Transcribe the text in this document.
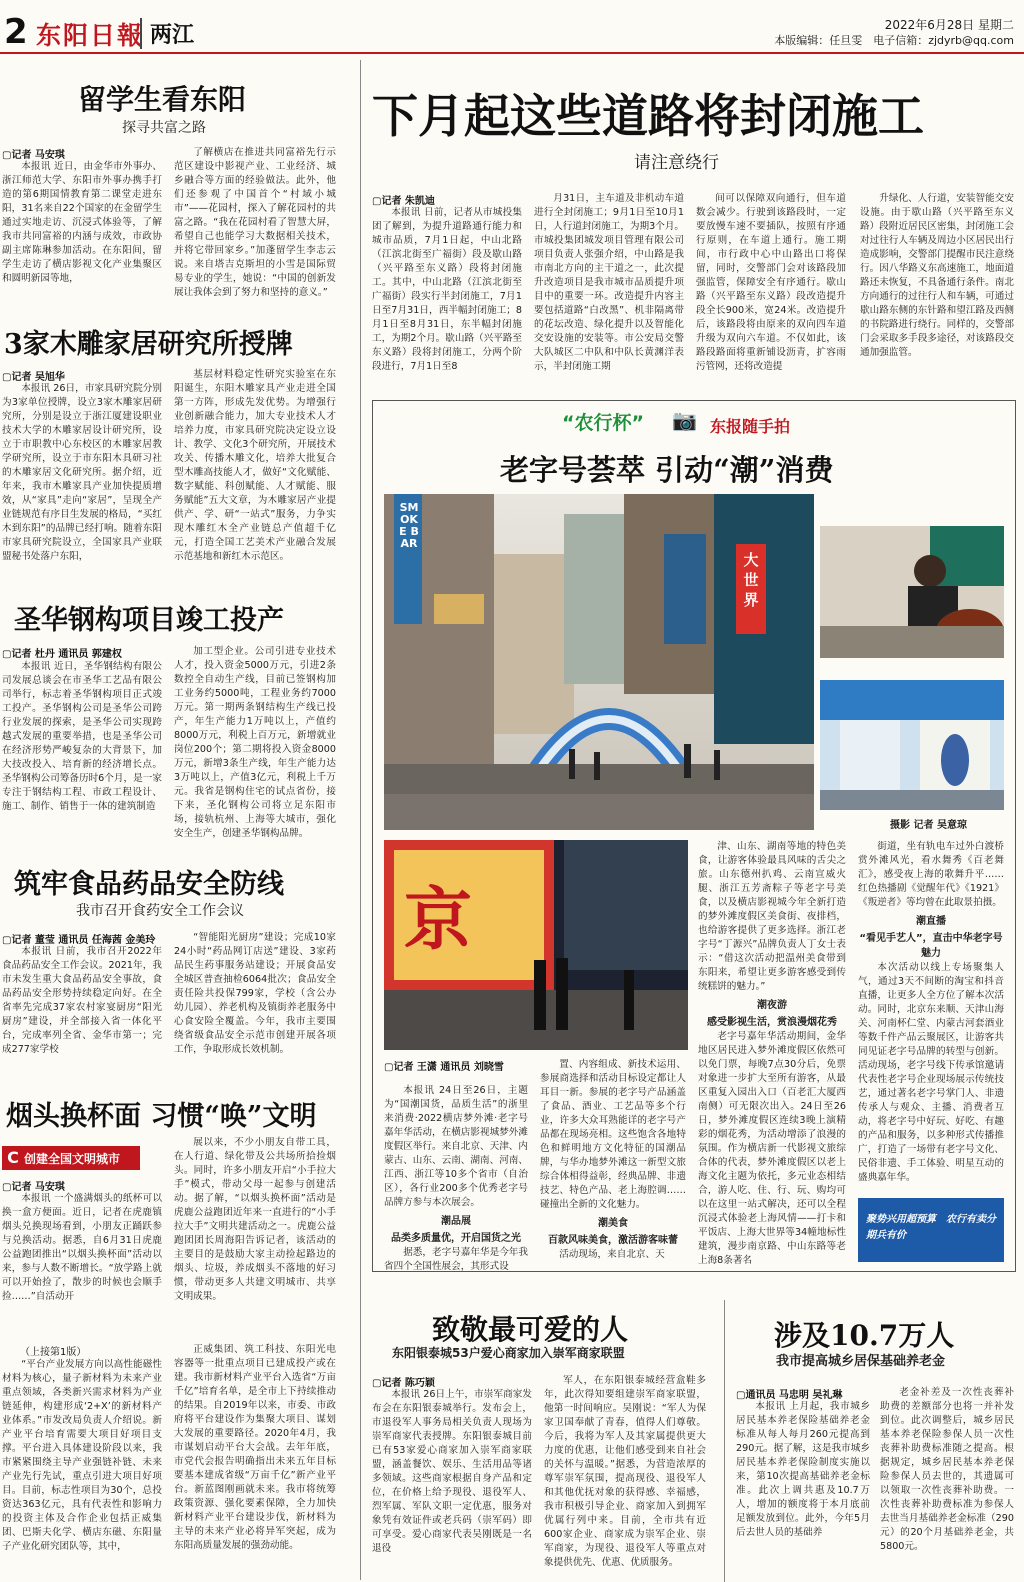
2 东阳日報 两江	2022年6月28日 星期二
本版编辑：任旦雯　电子信箱：zjdyrb@qq.com
留学生看东阳
探寻共富之路
▢记者 马安琪

本报讯 近日，由金华市外事办、浙江师范大学、东阳市外事办携手打造的第6期国情教育第二课堂走进东阳，31名来自22个国家的在金留学生通过实地走访、沉浸式体验等，了解我市共同富裕的内涵与成效，市政协副主席陈琳参加活动。在东阳间，留学生走访了横店影视文化产业集聚区和圆明新园等地，

了解横店在推进共同富裕先行示范区建设中影视产业、工业经济、城乡融合等方面的经验做法。此外，他们还参观了中国首个“村域小城市”——花园村，探入了解花园村的共富之路。“我在花园村看了智慧大屏，希望自己也能学习大数据相关技术，并将它带回家乡。”加蓬留学生李志云说。来自塔吉克斯坦的小雪是国际贸易专业的学生，她说：“中国的创新发展让我体会到了努力和坚持的意义。”

3家木雕家居研究所授牌
▢记者 吴旭华

本报讯 26日，市家具研究院分别为3家单位授牌，设立3家木雕家居研究所，分别是设立于浙江厦建设职业技术大学的木雕家居设计研究所，设立于市职教中心东校区的木雕家居教学研究所，设立于市东阳木具研习社的木雕家居文化研究所。据介绍，近年来，我市木雕家具产业加快提质增效，从“家具”走向“家居”，呈现全产业链规范有序目生发展的格局，“买红木到东阳”的品牌已经打响。随着东阳市家具研究院设立，全国家具产业联盟秘书处落户东阳，

基层材料稳定性研究实验室在东阳诞生，东阳木雕家具产业走进全国第一方阵，形成先发优势。为增强行业创新融合能力，加大专业技术人才培养力度，市家具研究院决定设立设计、教学、文化3个研究所，开展技术攻关、传播木雕文化，培养大批复合型木雕高技能人才，做好“文化赋能、数字赋能、科创赋能、人才赋能、服务赋能”五大文章，为木雕家居产业提供产、学、研“一站式”服务，力争实现木雕红木全产业链总产值超千亿元，打造全国工艺美术产业融合发展示范基地和新红木示范区。

圣华钢构项目竣工投产
▢记者 杜丹 通讯员 郭建权

本报讯 近日，圣华钢结构有限公司发展总谈会在市圣华工艺品有限公司举行，标志着圣华钢构项目正式竣工投产。圣华钢构公司是圣华公司跨行业发展的探索，是圣华公司实现跨越式发展的重要举措，也是圣华公司在经济形势严峻复杂的大背景下，加大技改投入、培育新的经济增长点。圣华钢构公司筹备历时6个月，是一家专注于钢结构工程、市政工程设计、施工、制作、销售于一体的建筑制造

加工型企业。公司引进专业技术人才，投入资金5000万元，引进2条数控全自动生产线，目前已签钢构加工业务约5000吨，工程业务约7000万元。第一期两条钢结构生产线已投产，年生产能力1万吨以上，产值约8000万元，利税上百万元，新增就业岗位200个；第二期将投入资金8000万元，新增3条生产线，年生产能力达3万吨以上，产值3亿元，利税上千万元。我省是钢构住宅的试点省份，接下来，圣化钢构公司将立足东阳市场，接轨杭州、上海等大城市，强化安全生产，创建圣华钢构品牌。

筑牢食品药品安全防线
我市召开食药安全工作会议
▢记者 董莹 通讯员 任海茜 金美玲

本报讯 日前，我市召开2022年食品药品安全工作会议。2021年，我市未发生重大食品药品安全事故，食品药品安全形势持续稳定向好。在全省率先完成37家农村家宴厨房“阳光厨房”建设，并全部接入省一体化平台，完成率列全省、金华市第一；完成277家学校

“智能阳光厨房”建设；完成10家24小时“药品网订店送”建设、3家药品民生药事服务站建设；开展食品安全城区普查抽检6064批次；食品安全责任险共投保799家，学校（含公办幼儿园）、养老机构及镇街养老服务中心食安险全覆盖。今年，我市主要围绕省级食品安全示范市创建开展各项工作，争取形成长效机制。

烟头换杯面 习惯“唤”文明
C 创建全国文明城市
▢记者 马安琪

本报讯 一个盛满烟头的纸杯可以换一盒方便面。近日，记者在虎鹿镇烟头兑换现场看到，小朋友正踊跃参与兑换活动。据悉，自6月31日虎鹿公益跑团推出“以烟头换杯面”活动以来，参与人数不断增长。“放学路上就可以开始捡了，散步的时候也会顺手捡……”自活动开

展以来，不少小朋友自带工具，在人行道、绿化带及公共场所拾捡烟头。同时，许多小朋友开启“小手拉大手”模式，带动父母一起参与创建活动。据了解，“以烟头换杯面”活动是虎鹿公益跑团近年来一直进行的“小手拉大手”文明共建活动之一。虎鹿公益跑团团长周海阳告诉记者，该活动的主要目的是鼓励大家主动捡起路边的烟头、垃圾，养成烟头不落地的好习惯，带动更多人共建文明城市、共享文明成果。

（上接第1版）

“平台产业发展方向以高性能磁性材料为核心，量子新材料为未来产业重点领域，各类新兴需求材料为产业链延伸，构建形成‘2+X’的新材料产业体系。”市发改局负责人介绍说。新产业平台培育需要大项目好项目支撑。平台进入具体建设阶段以来，我市紧紧围绕主导产业强链补链、未来产业先行先试，重点引进大项目好项目。目前，标志性项目为30个，总投资达363亿元，具有代表性和影响力的投资主体及合作企业包括正威集团、巴斯夫化学、横店东磁、东阳量子产业化研究团队等，其中，

正威集团、筑工科技、东阳光电容器等一批重点项目已建成投产或在建。我市新材料产业平台入选省“万亩千亿”培育名单，是全市上下持续推动的结果。自2019年以来，市委、市政府将平台建设作为集聚大项目、谋划大发展的重要路径。2020年4月，我市谋划启动平台大会战。去年年底，市党代会报告明确指出未来五年目标要基本建成省级“万亩千亿”新产业平台。新蓝图刚画就未来。我市将统筹政策资源、强化要素保障，全力加快新材料产业平台建设步伐，新材料为主导的未来产业必将异军突起，成为东阳高质量发展的强劲动能。

下月起这些道路将封闭施工
请注意绕行
▢记者 朱凯迪

本报讯 日前，记者从市城投集团了解到，为提升道路通行能力和城市品质，7月1日起，中山北路（江滨北街至广福街）段及歇山路（兴平路至东义路）段将封闭施工。其中，中山北路（江滨北街至广福街）段实行半封闭施工，7月1日至7月31日，西半幅封闭施工；8月1日至8月31日，东半幅封闭施工，为期2个月。歇山路（兴平路至东义路）段将封闭施工，分两个阶段进行，7月1日至8

月31日，主车道及非机动车道进行全封闭施工；9月1日至10月1日，人行道封闭施工，为期3个月。市城投集团城发项目管理有限公司项目负责人张强介绍，中山路是我市南北方向的主干道之一，此次提升改造项目是我市城市品质提升项目中的重要一环。改造提升内容主要包括道路“白改黑”、机非隔离带的花坛改造、绿化提升以及智能化交安设施的安装等。市公安局交警大队城区二中队和中队长黄渊洋表示，半封闭施工期

间可以保障双向通行，但车道数会减少。行驶到该路段时，一定要放慢车速不要插队，按照有序通行原则，在车道上通行。施工期间，市行政中心中山路出口将保留，同时，交警部门会对该路段加强监管，保障安全有序通行。歇山路（兴平路至东义路）段改造提升段全长900米，宽24米。改造提升后，该路段将由原来的双向四车道升级为双向六车道。不仅如此，该路段路面将重新铺设沥青，扩容雨污管网，还将改造提

升绿化、人行道，安装智能交安设施。由于歇山路（兴平路至东义路）段附近居民区密集，封闭施工会对过往行人车辆及周边小区居民出行造成影响，交警部门提醒市民注意绕行。因八华路义东高速施工，地面道路还未恢复，不具备通行条件。南北方向通行的过往行人和车辆，可通过歇山路东侧的东针路和望江路及西侧的书院路进行绕行。同样的，交警部门会采取多手段多途径，对该路段交通加强监管。

“农行杯” 📷 东报随手拍
老字号荟萃 引动“潮”消费
SMOKE BAR
大世界
摄影 记者 吴意琼
京
▢记者 王潇 通讯员 刘晓雪

本报讯 24日至26日，主题为“国潮国货，品质生活”的浙里来消费·2022横店梦外滩·老字号嘉年华活动，在横店影视城梦外滩度假区举行。来自北京、天津、内蒙古、山东、云南、湖南、河南、江西、浙江等10多个省市（自治区），各行业200多个优秀老字号品牌方参与本次展会。

潮品展
品类多质量优，开启国货之光

据悉，老字号嘉年华是今年我省四个全国性展会，其形式设

置、内容组成、新技术运用、参展商选择和活动目标设定都让人耳目一新。参展的老字号产品涵盖了食品、酒业、工艺品等多个行业，许多大众耳熟能详的老字号产品都在现场亮相。这些饱含各地特色和鲜明地方文化特征的国潮品牌，与华办地梦外滩这一新型文旅综合体相得益彰，经典品牌、非遗技艺、特色产品、老上海腔调……碰撞出全新的文化魅力。

潮美食
百款风味美食，激活游客味蕾

活动现场，来自北京、天

津、山东、湖南等地的特色美食，让游客体验最具风味的舌尖之旅。山东德州扒鸡、云南宣威火腿、浙江五芳斋粽子等老字号美食，以及横店影视城今年全新打造的梦外滩度假区美食街、夜排档，也给游客提供了更多选择。浙江老字号“丁源兴”品牌负责人丁女士表示：“借这次活动把温州美食带到东阳来，希望让更多游客感受到传统糕饼的魅力。”

潮夜游
感受影视生活，赏浪漫烟花秀

老字号嘉年华活动期间，金华地区居民进入梦外滩度假区依然可以免门票，每晚7点30分后，免票对象进一步扩大至所有游客，从最区重复入园出入口（百老汇大厦西南侧）可无限次出入。24日至26日，梦外滩度假区连续3晚上演精彩的烟花秀，为活动增添了浪漫的氛围。作为横店新一代影视文旅综合体的代表，梦外滩度假区以老上海文化主题为依托，多元业态相结合，游人吃、住、行、玩、购均可以在这里一站式解决，还可以全程沉浸式体验老上海风情——打卡和平饭店、上海大世界等34幢地标性建筑，漫步南京路、中山东路等老上海8条著名

街道，坐有轨电车过外白渡桥赏外滩风光，看水舞秀《百老舞汇》，感受夜上海的歌舞升平……红色热播剧《觉醒年代》《1921》《叛逆者》等均曾在此取景拍摄。

潮直播
“看见手艺人”，直击中华老字号魅力

本次活动以线上专场聚集人气，通过3天不间断的淘宝和抖音直播，让更多人全方位了解本次活动。同时，北京东来顺、天津山海关、河南杯仁堂、内蒙古河套酒业等数千件产品云聚展区，让游客共同见证老字号品牌的转型与创新。活动现场，老字号线下传承馆邀请代表性老字号企业现场展示传统技艺，通过著名老字号掌门人、非遗传承人与观众、主播、消费者互动，将老字号中好玩、好吃、有趣的产品和服务，以多种形式传播推广，打造了一场带有老字号文化、民俗非遗、手工体验、明星互动的盛典嘉年华。

聚势兴用超预算　农行有卖分期兵有价
致敬最可爱的人
东阳银泰城53户爱心商家加入崇军商家联盟
▢记者 陈巧颖

本报讯 26日上午，市崇军商家发布会在东阳银泰城举行。发布会上，市退役军人事务局相关负责人现场为崇军商家代表授牌。东阳银泰城目前已有53家爱心商家加入崇军商家联盟，涵盖餐饮、娱乐、生活用品等诸多领域。这些商家根据自身产品和定位，在价格上给予现役、退役军人、烈军属、军队文职一定优惠，服务对象凭有效证件或老兵码（崇军码）即可享受。爱心商家代表吴刚既是一名退役

军人，在东阳银泰城经营盒鞋多年，此次得知要组建崇军商家联盟，他第一时间响应。吴刚说：“军人为保家卫国奉献了青春，值得人们尊敬。今后，我将为军人及其家属提供更大力度的优惠，让他们感受到来自社会的关怀与温暖。”据悉，为营造浓厚的尊军崇军氛围，提高现役、退役军人和其他优抚对象的获得感、幸福感，我市积极引导企业、商家加入到拥军优属行列中来。目前，全市共有近600家企业、商家成为崇军企业、崇军商家，为现役、退役军人等重点对象提供优先、优惠、优质服务。

涉及10.7万人
我市提高城乡居保基础养老金
▢通讯员 马忠明 吴礼琳

本报讯 上月起，我市城乡居民基本养老保险基础养老金标准从每人每月260元提高到290元。据了解，这是我市城乡居民基本养老保险制度实施以来，第10次提高基础养老金标准。此次上调共惠及10.7万人，增加的额度将于本月底前足额发放到位。此外，今年5月后去世人员的基础养

老金补差及一次性丧葬补助费的差额部分也将一并补发到位。此次调整后，城乡居民基本养老保险参保人员一次性丧葬补助费标准随之提高。根据规定，城乡居民基本养老保险参保人员去世的，其遗属可以领取一次性丧葬补助费。一次性丧葬补助费标准为参保人去世当月基础养老金标准（290元）的20个月基础养老金，共5800元。
